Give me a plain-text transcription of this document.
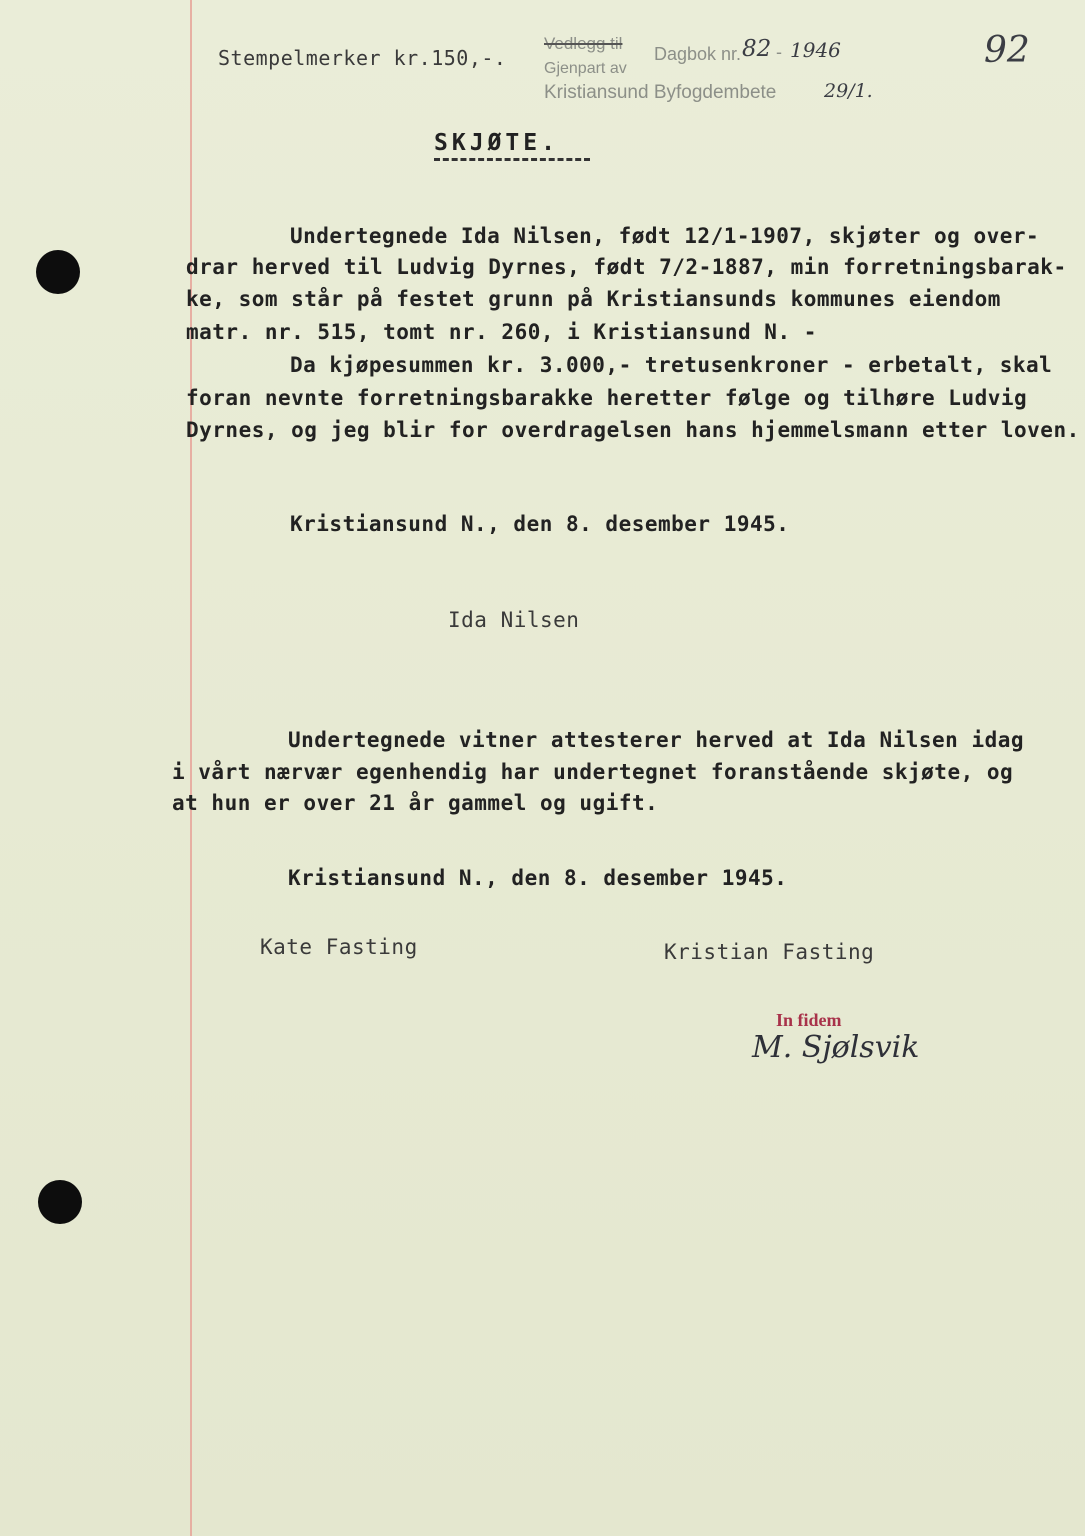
Stempelmerker kr.150,-.
Vedlegg til
Dagbok nr. 82 - 1946
Gjenpart av
Kristiansund Byfogdembete	29/1.
92
SKJØTE.
Undertegnede Ida Nilsen, født 12/1-1907, skjøter og over-
drar herved til Ludvig Dyrnes, født 7/2-1887, min forretningsbarak-
ke, som står på festet grunn på Kristiansunds kommunes eiendom
matr. nr. 515, tomt nr. 260, i Kristiansund N. -
Da kjøpesummen kr. 3.000,- tretusenkroner - erbetalt, skal
foran nevnte forretningsbarakke heretter følge og tilhøre Ludvig
Dyrnes, og jeg blir for overdragelsen hans hjemmelsmann etter loven.
Kristiansund N., den 8. desember 1945.
Ida Nilsen
Undertegnede vitner attesterer herved at Ida Nilsen idag
i vårt nærvær egenhendig har undertegnet foranstående skjøte, og
at hun er over 21 år gammel og ugift.
Kristiansund N., den 8. desember 1945.
Kate Fasting	Kristian Fasting
In fidem
M. Sjølsvik
